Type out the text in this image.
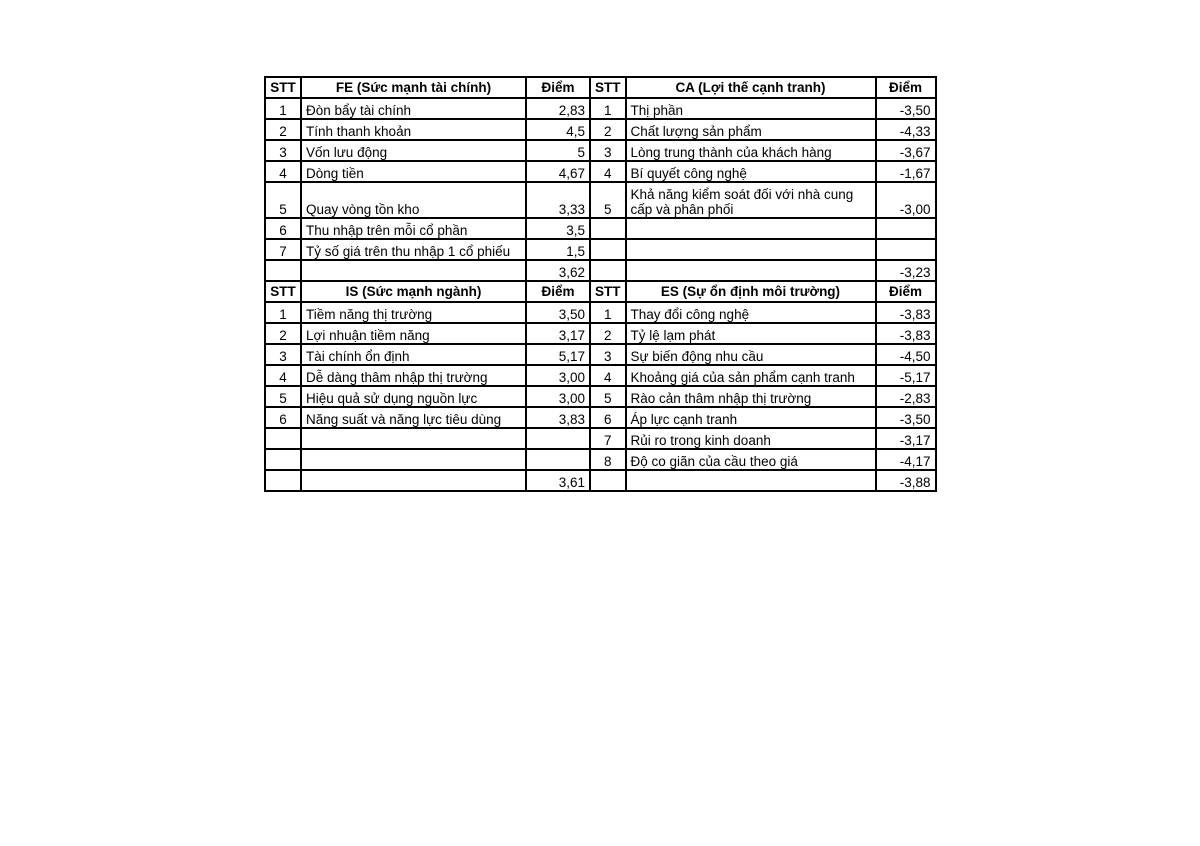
STT	FE (Sức mạnh tài chính)	Điểm	STT	CA (Lợi thế cạnh tranh)	Điểm
1	Đòn bẩy tài chính	2,83	1	Thị phần	-3,50
2	Tính thanh khoản	4,5	2	Chất lượng sản phẩm	-4,33
3	Vốn lưu động	5	3	Lòng trung thành của khách hàng	-3,67
4	Dòng tiền	4,67	4	Bí quyết công nghệ	-1,67
5	Quay vòng tồn kho	3,33	5	Khả năng kiểm soát đối với nhà cung cấp và phân phối	-3,00
6	Thu nhập trên mỗi cổ phần	3,5			
7	Tỷ số giá trên thu nhập 1 cổ phiếu	1,5			
		3,62			-3,23
STT	IS (Sức mạnh ngành)	Điểm	STT	ES (Sự ổn định môi trường)	Điểm
1	Tiềm năng thị trường	3,50	1	Thay đổi công nghệ	-3,83
2	Lợi nhuận tiềm năng	3,17	2	Tỷ lệ lạm phát	-3,83
3	Tài chính ổn định	5,17	3	Sự biến động nhu cầu	-4,50
4	Dễ dàng thâm nhập thị trường	3,00	4	Khoảng giá của sản phẩm cạnh tranh	-5,17
5	Hiệu quả sử dụng nguồn lực	3,00	5	Rào cản thâm nhập thị trường	-2,83
6	Năng suất và năng lực tiêu dùng	3,83	6	Áp lực cạnh tranh	-3,50
			7	Rủi ro trong kinh doanh	-3,17
			8	Độ co giãn của cầu theo giá	-4,17
		3,61			-3,88
